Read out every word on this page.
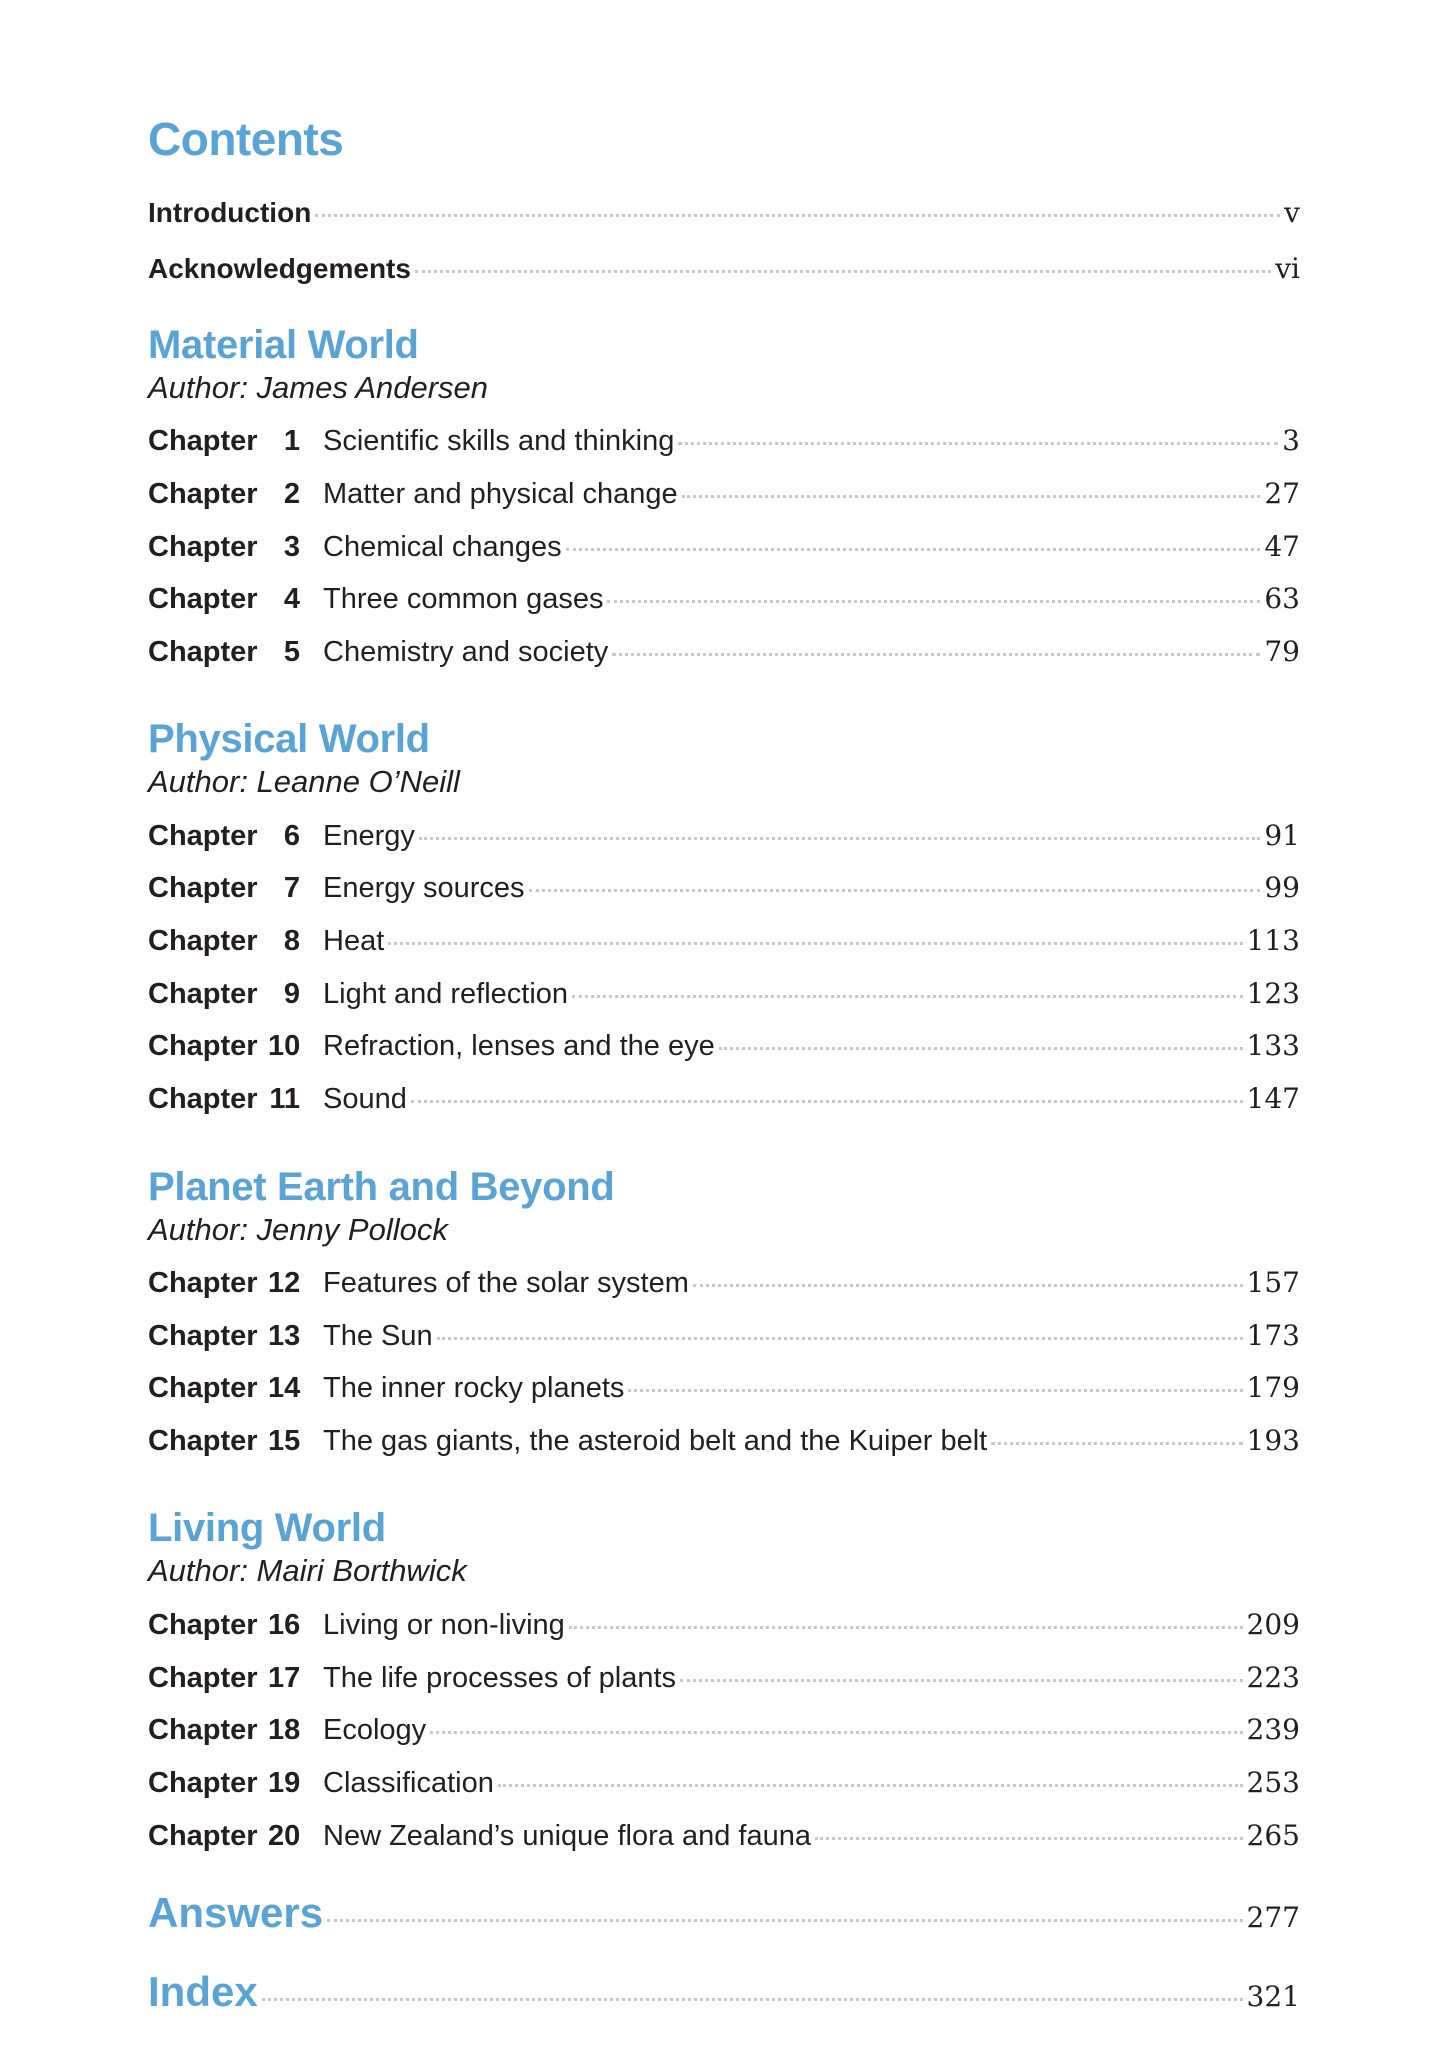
Contents
Introduction	v
Acknowledgements	vi
Material World
Author: James Andersen
Chapter 1 Scientific skills and thinking	3
Chapter 2 Matter and physical change	27
Chapter 3 Chemical changes	47
Chapter 4 Three common gases	63
Chapter 5 Chemistry and society	79
Physical World
Author: Leanne O’Neill
Chapter 6 Energy	91
Chapter 7 Energy sources	99
Chapter 8 Heat	113
Chapter 9 Light and reflection	123
Chapter 10 Refraction, lenses and the eye	133
Chapter 11 Sound	147
Planet Earth and Beyond
Author: Jenny Pollock
Chapter 12 Features of the solar system	157
Chapter 13 The Sun	173
Chapter 14 The inner rocky planets	179
Chapter 15 The gas giants, the asteroid belt and the Kuiper belt	193
Living World
Author: Mairi Borthwick
Chapter 16 Living or non-living	209
Chapter 17 The life processes of plants	223
Chapter 18 Ecology	239
Chapter 19 Classification	253
Chapter 20 New Zealand’s unique flora and fauna	265
Answers	277
Index	321
